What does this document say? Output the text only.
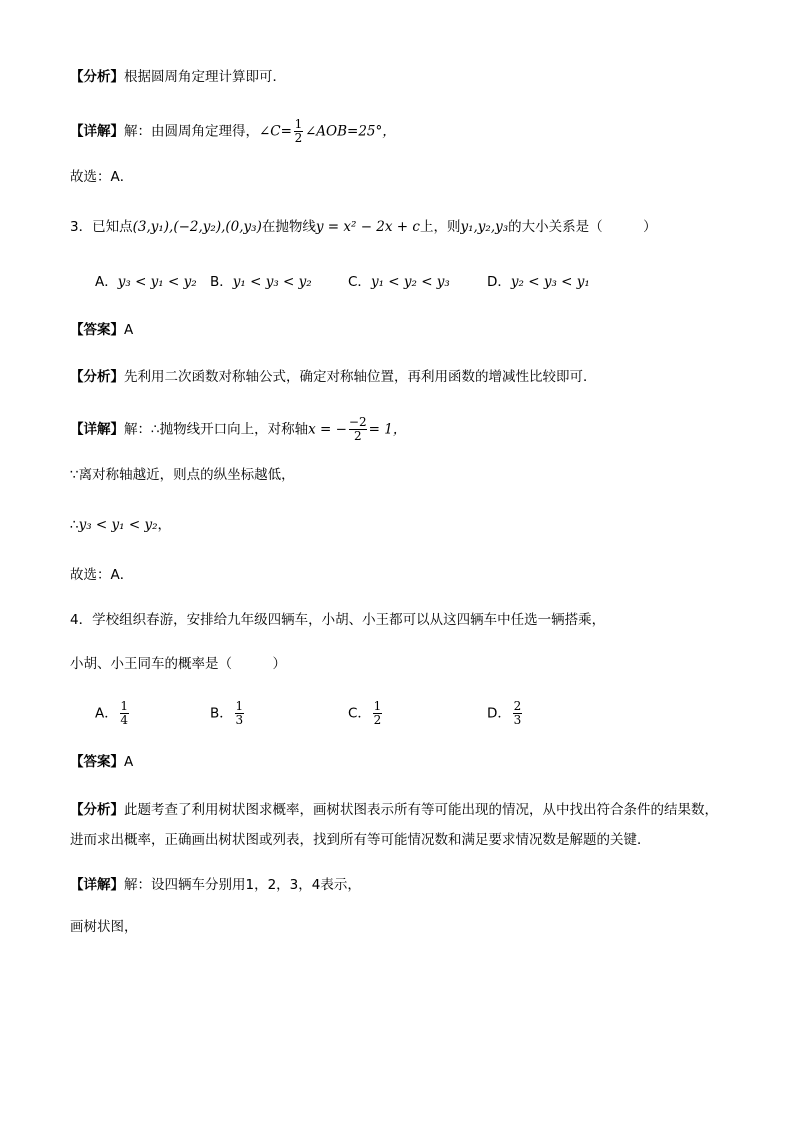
【分析】根据圆周角定理计算即可．
【详解】解：由圆周角定理得，∠C= $\frac{1}{2}$ ∠AOB=25°，
故选：A．
3．已知点(3,y₁),(−2,y₂),(0,y₃)在抛物线y = x² − 2x + c上，则y₁,y₂,y₃的大小关系是（　　　）
A．y₃ < y₁ < y₂ B．y₁ < y₃ < y₂	C．y₁ < y₂ < y₃	D．y₂ < y₃ < y₁
【答案】A
【分析】先利用二次函数对称轴公式，确定对称轴位置，再利用函数的增减性比较即可．
【详解】解：∴抛物线开口向上，对称轴x = − $\frac{-2}{2} = 1$，
∵离对称轴越近，则点的纵坐标越低，
∴y₃ < y₁ < y₂，
故选：A．
4．学校组织春游，安排给九年级四辆车，小胡、小王都可以从这四辆车中任选一辆搭乘，
小胡、小王同车的概率是（　　　）
A． $\frac{1}{4}$	B． $\frac{1}{3}$	C． $\frac{1}{2}$	D． $\frac{2}{3}$
【答案】A
【分析】此题考查了利用树状图求概率，画树状图表示所有等可能出现的情况，从中找出符合条件的结果数，进而求出概率，正确画出树状图或列表，找到所有等可能情况数和满足要求情况数是解题的关键．
【详解】解：设四辆车分别用1，2，3，4表示，
画树状图，
